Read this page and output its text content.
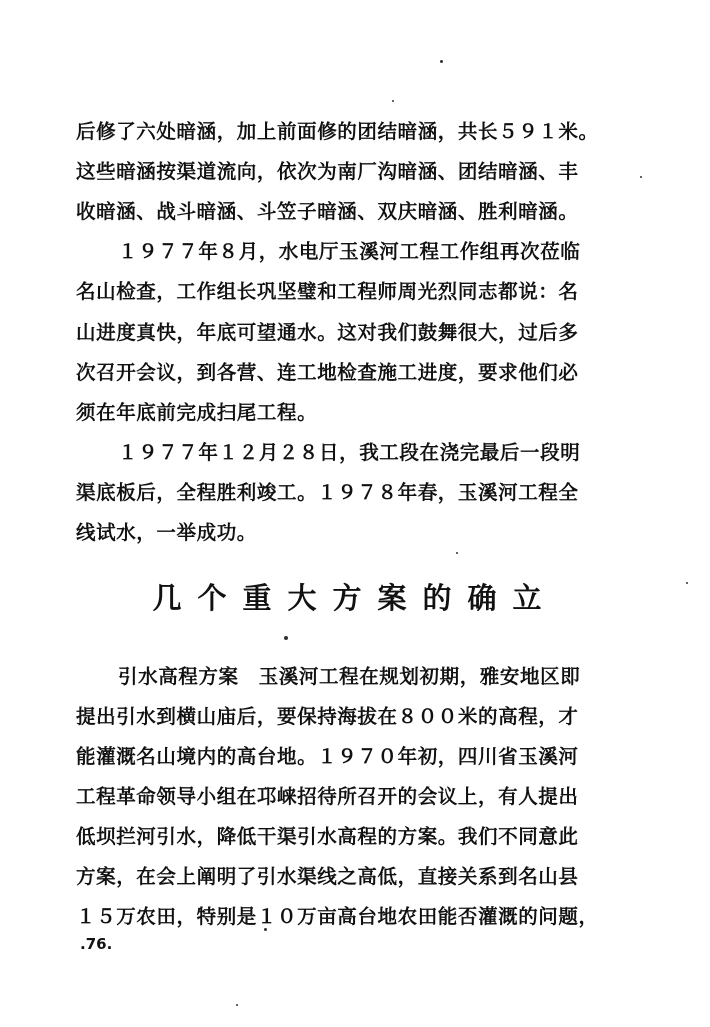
后修了六处暗涵，加上前面修的团结暗涵，共长５９１米。
这些暗涵按渠道流向，依次为南厂沟暗涵、团结暗涵、丰
收暗涵、战斗暗涵、斗笠子暗涵、双庆暗涵、胜利暗涵。
１９７７年８月，水电厅玉溪河工程工作组再次莅临
名山检查，工作组长巩坚璧和工程师周光烈同志都说：名
山进度真快，年底可望通水。这对我们鼓舞很大，过后多
次召开会议，到各营、连工地检查施工进度，要求他们必
须在年底前完成扫尾工程。
１９７７年１２月２８日，我工段在浇完最后一段明
渠底板后，全程胜利竣工。１９７８年春，玉溪河工程全
线试水，一举成功。
几个重大方案的确立
引水高程方案　玉溪河工程在规划初期，雅安地区即
提出引水到横山庙后，要保持海拔在８００米的高程，才
能灌溉名山境内的高台地。１９７０年初，四川省玉溪河
工程革命领导小组在邛崃招待所召开的会议上，有人提出
低坝拦河引水，降低干渠引水高程的方案。我们不同意此
方案，在会上阐明了引水渠线之高低，直接关系到名山县
１５万农田，特别是１０万亩高台地农田能否灌溉的问题，
.76.
